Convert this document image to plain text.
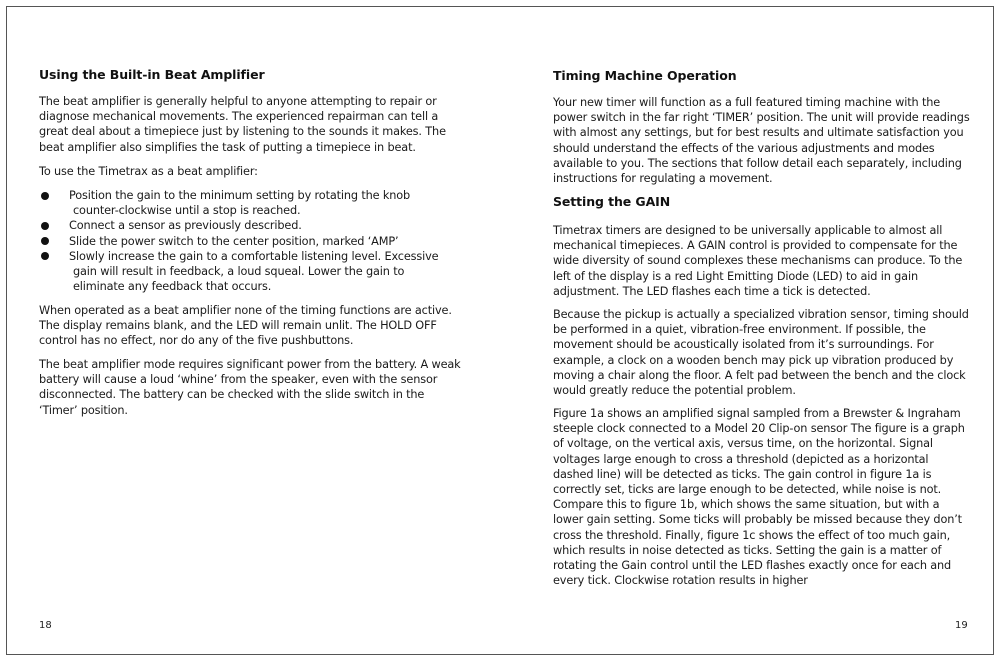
Using the Built-in Beat Amplifier

The beat amplifier is generally helpful to anyone attempting to repair or diagnose mechanical movements. The experienced repairman can tell a great deal about a timepiece just by listening to the sounds it makes. The beat amplifier also simplifies the task of putting a timepiece in beat.

To use the Timetrax as a beat amplifier:

Position the gain to the minimum setting by rotating the knob
counter-clockwise until a stop is reached.
Connect a sensor as previously described.
Slide the power switch to the center position, marked ‘AMP’
Slowly increase the gain to a comfortable listening level. Excessive
gain will result in feedback, a loud squeal. Lower the gain to eliminate any feedback that occurs.

When operated as a beat amplifier none of the timing functions are active. The display remains blank, and the LED will remain unlit. The HOLD OFF control has no effect, nor do any of the five pushbuttons.

The beat amplifier mode requires significant power from the battery. A weak battery will cause a loud ‘whine’ from the speaker, even with the sensor disconnected. The battery can be checked with the slide switch in the ‘Timer’ position.

18
Timing Machine Operation

Your new timer will function as a full featured timing machine with the power switch in the far right ‘TIMER’ position. The unit will provide readings with almost any settings, but for best results and ultimate satisfaction you should understand the effects of the various adjustments and modes available to you. The sections that follow detail each separately, including instructions for regulating a movement.

Setting the GAIN

Timetrax timers are designed to be universally applicable to almost all mechanical timepieces. A GAIN control is provided to compensate for the wide diversity of sound complexes these mechanisms can produce. To the left of the display is a red Light Emitting Diode (LED) to aid in gain adjustment. The LED flashes each time a tick is detected.

Because the pickup is actually a specialized vibration sensor, timing should be performed in a quiet, vibration-free environment. If possible, the movement should be acoustically isolated from it’s surroundings. For example, a clock on a wooden bench may pick up vibration produced by moving a chair along the floor. A felt pad between the bench and the clock would greatly reduce the potential problem.

Figure 1a shows an amplified signal sampled from a Brewster & Ingraham steeple clock connected to a Model 20 Clip-on sensor The figure is a graph of voltage, on the vertical axis, versus time, on the horizontal. Signal voltages large enough to cross a threshold (depicted as a horizontal dashed line) will be detected as ticks. The gain control in figure 1a is correctly set, ticks are large enough to be detected, while noise is not. Compare this to figure 1b, which shows the same situation, but with a lower gain setting. Some ticks will probably be missed because they don’t cross the threshold. Finally, figure 1c shows the effect of too much gain, which results in noise detected as ticks. Setting the gain is a matter of rotating the Gain control until the LED flashes exactly once for each and every tick. Clockwise rotation results in higher

19
